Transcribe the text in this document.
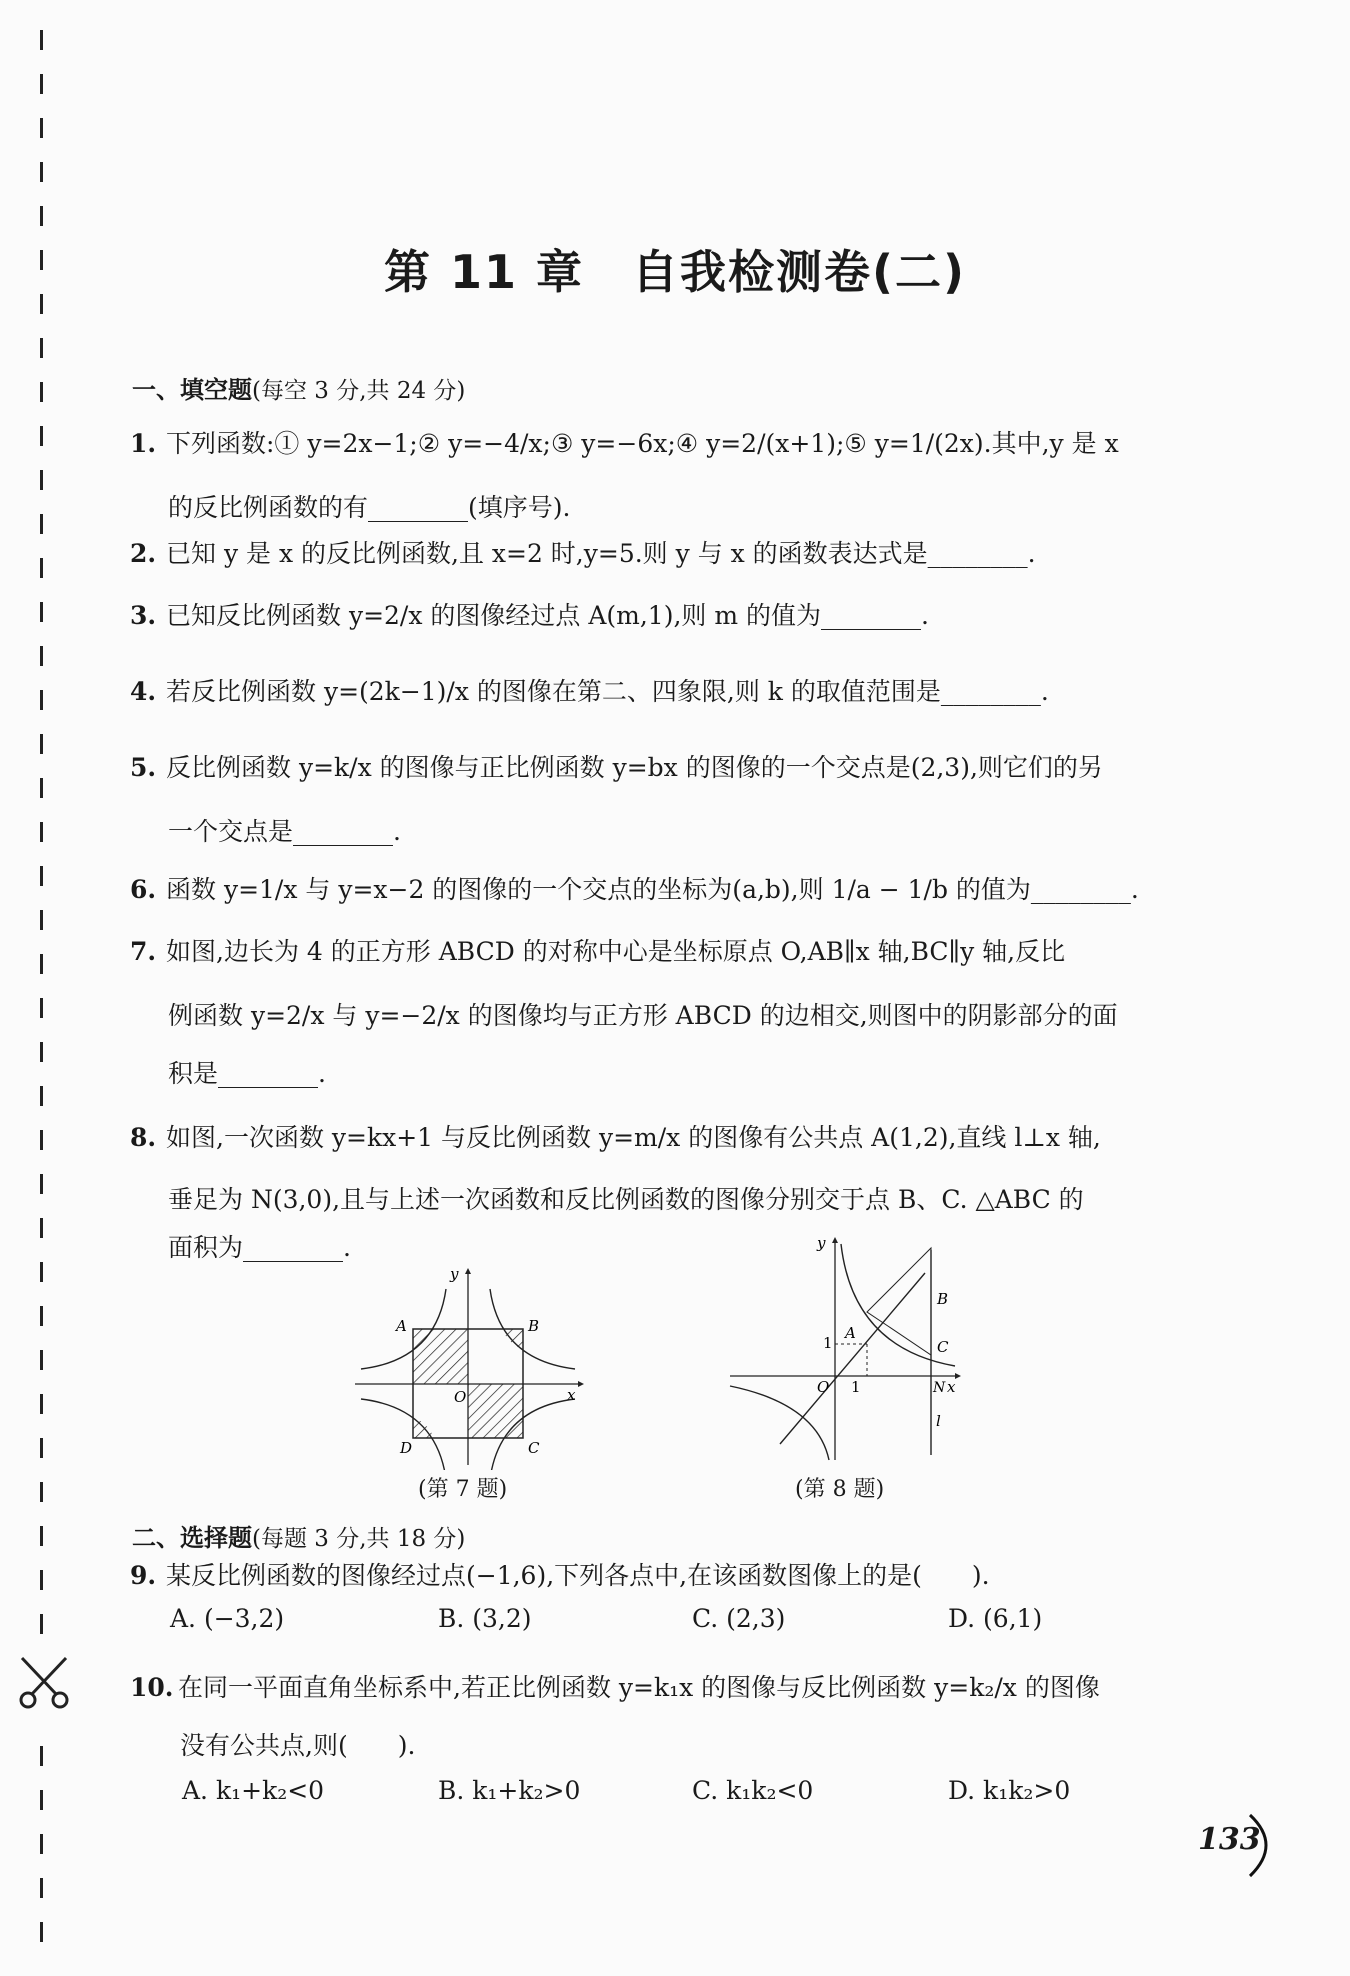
第 11 章　自我检测卷(二)
一、填空题(每空 3 分,共 24 分)
1. 下列函数:① y=2x−1;② y=−4/x;③ y=−6x;④ y=2/(x+1);⑤ y=1/(2x).其中,y 是 x
的反比例函数的有________(填序号).
2. 已知 y 是 x 的反比例函数,且 x=2 时,y=5.则 y 与 x 的函数表达式是________.
3. 已知反比例函数 y=2/x 的图像经过点 A(m,1),则 m 的值为________.
4. 若反比例函数 y=(2k−1)/x 的图像在第二、四象限,则 k 的取值范围是________.
5. 反比例函数 y=k/x 的图像与正比例函数 y=bx 的图像的一个交点是(2,3),则它们的另
一个交点是________.
6. 函数 y=1/x 与 y=x−2 的图像的一个交点的坐标为(a,b),则 1/a − 1/b 的值为________.
7. 如图,边长为 4 的正方形 ABCD 的对称中心是坐标原点 O,AB∥x 轴,BC∥y 轴,反比
例函数 y=2/x 与 y=−2/x 的图像均与正方形 ABCD 的边相交,则图中的阴影部分的面
积是________.
8. 如图,一次函数 y=kx+1 与反比例函数 y=m/x 的图像有公共点 A(1,2),直线 l⊥x 轴,
垂足为 N(3,0),且与上述一次函数和反比例函数的图像分别交于点 B、C. △ABC 的
面积为________.
y
x
O
A	B
C
D
(第 7 题)
y
x
O 1
1
A
B
C
N
l
(第 8 题)
二、选择题(每题 3 分,共 18 分)
9. 某反比例函数的图像经过点(−1,6),下列各点中,在该函数图像上的是(　　).
A. (−3,2)	B. (3,2)	C. (2,3)	D. (6,1)
10. 在同一平面直角坐标系中,若正比例函数 y=k₁x 的图像与反比例函数 y=k₂/x 的图像
没有公共点,则(　　).
A. k₁+k₂<0	B. k₁+k₂>0	C. k₁k₂<0	D. k₁k₂>0
133
